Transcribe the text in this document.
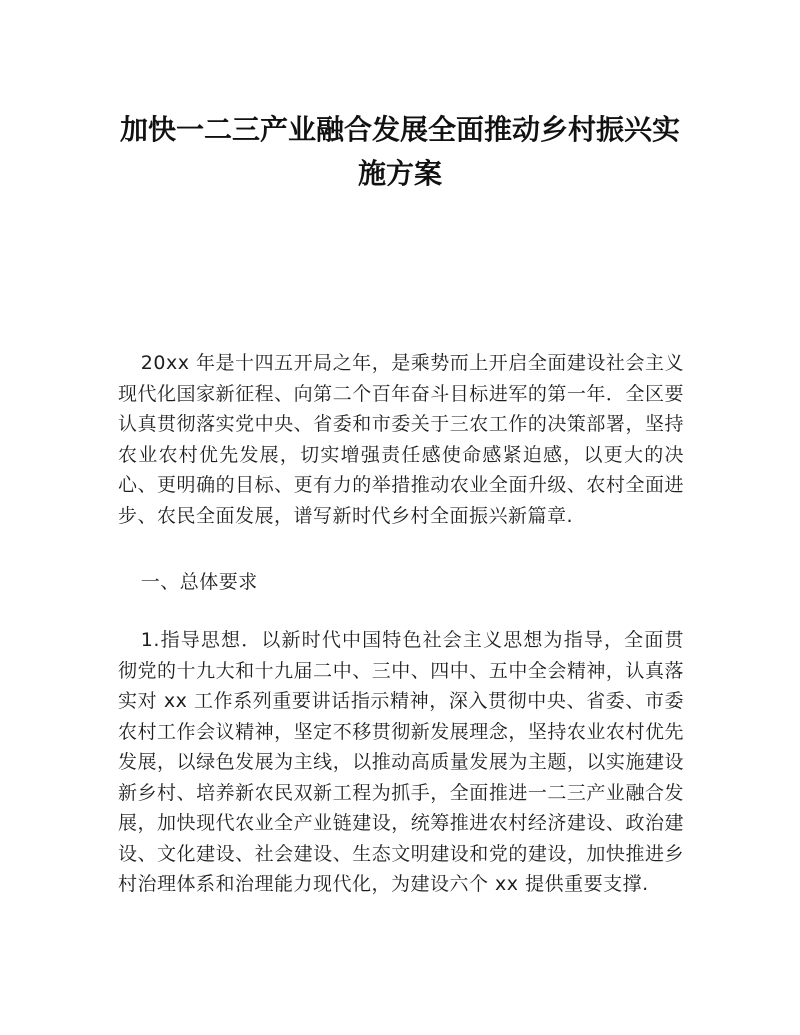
加快一二三产业融合发展全面推动乡村振兴实施方案

20xx 年是十四五开局之年，是乘势而上开启全面建设社会主义现代化国家新征程、向第二个百年奋斗目标进军的第一年．全区要认真贯彻落实党中央、省委和市委关于三农工作的决策部署，坚持农业农村优先发展，切实增强责任感使命感紧迫感，以更大的决心、更明确的目标、更有力的举措推动农业全面升级、农村全面进步、农民全面发展，谱写新时代乡村全面振兴新篇章.

一、总体要求

1.指导思想．以新时代中国特色社会主义思想为指导，全面贯彻党的十九大和十九届二中、三中、四中、五中全会精神，认真落实对 xx 工作系列重要讲话指示精神，深入贯彻中央、省委、市委农村工作会议精神，坚定不移贯彻新发展理念，坚持农业农村优先发展，以绿色发展为主线，以推动高质量发展为主题，以实施建设新乡村、培养新农民双新工程为抓手，全面推进一二三产业融合发展，加快现代农业全产业链建设，统筹推进农村经济建设、政治建设、文化建设、社会建设、生态文明建设和党的建设，加快推进乡村治理体系和治理能力现代化，为建设六个 xx 提供重要支撑.
